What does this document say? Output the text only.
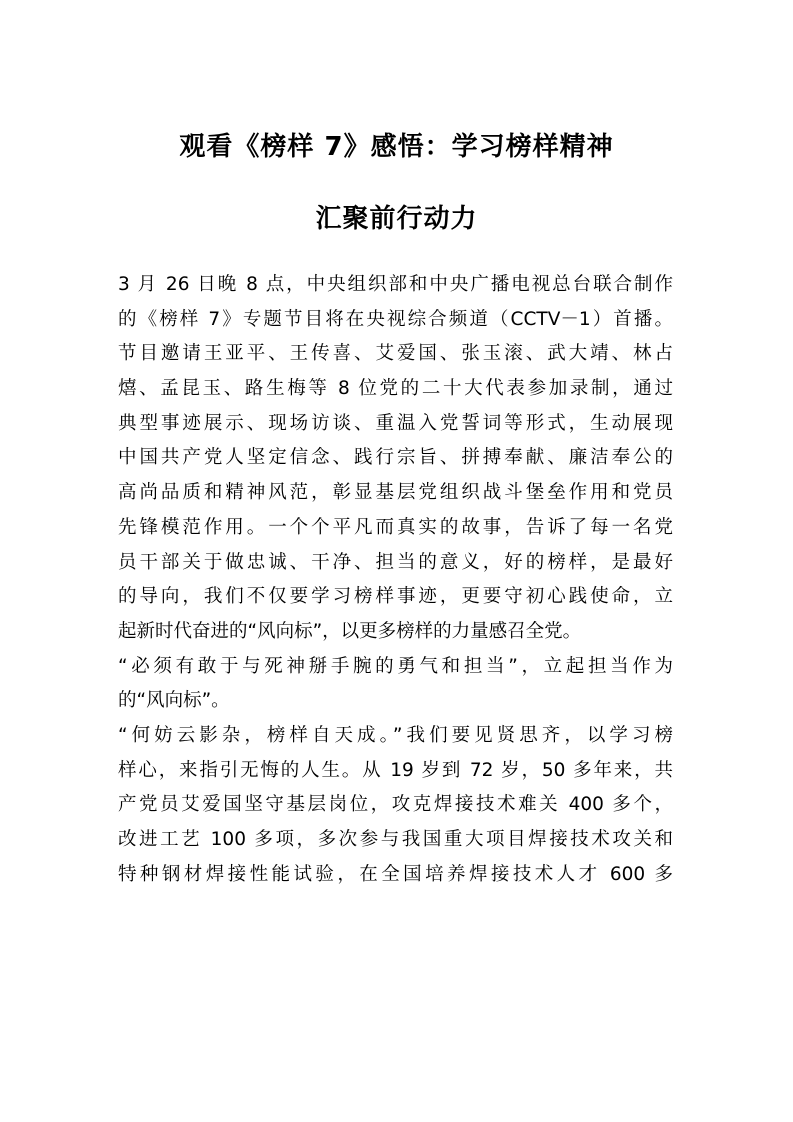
观看《榜样 7》感悟：学习榜样精神
汇聚前行动力
3 月 26 日晚 8 点，中央组织部和中央广播电视总台联合制作
的《榜样 7》专题节目将在央视综合频道（CCTV－1）首播。
节目邀请王亚平、王传喜、艾爱国、张玉滚、武大靖、林占
熺、孟昆玉、路生梅等 8 位党的二十大代表参加录制，通过
典型事迹展示、现场访谈、重温入党誓词等形式，生动展现
中国共产党人坚定信念、践行宗旨、拼搏奉献、廉洁奉公的
高尚品质和精神风范，彰显基层党组织战斗堡垒作用和党员
先锋模范作用。一个个平凡而真实的故事，告诉了每一名党
员干部关于做忠诚、干净、担当的意义，好的榜样，是最好
的导向，我们不仅要学习榜样事迹，更要守初心践使命，立
起新时代奋进的“风向标”，以更多榜样的力量感召全党。
“必须有敢于与死神掰手腕的勇气和担当”，立起担当作为
的“风向标”。
“何妨云影杂，榜样自天成。”我们要见贤思齐，以学习榜
样心，来指引无悔的人生。从 19 岁到 72 岁，50 多年来，共
产党员艾爱国坚守基层岗位，攻克焊接技术难关 400 多个，
改进工艺 100 多项，多次参与我国重大项目焊接技术攻关和
特种钢材焊接性能试验，在全国培养焊接技术人才 600 多
